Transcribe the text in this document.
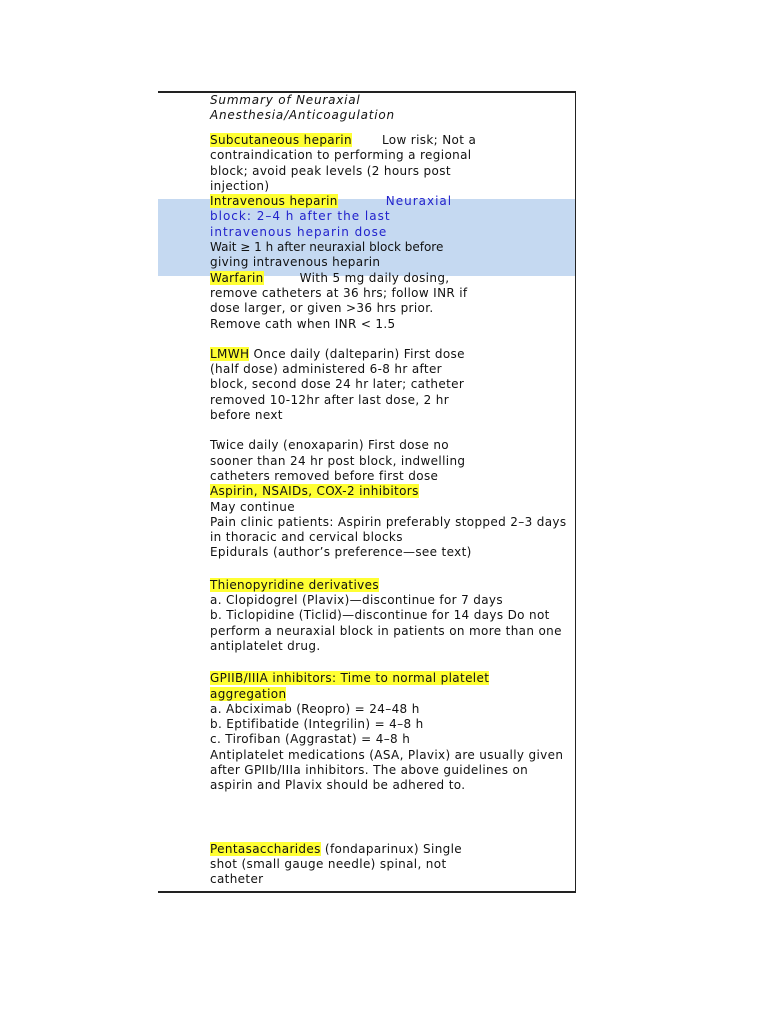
Summary of Neuraxial
Anesthesia/Anticoagulation
Subcutaneous heparin	Low risk; Not a
contraindication to performing a regional
block; avoid peak levels (2 hours post
injection)
Intravenous heparin	Neuraxial
block: 2–4 h after the last
intravenous heparin dose
Wait ≥ 1 h after neuraxial block before
giving intravenous heparin
Warfarin	With 5 mg daily dosing,
remove catheters at 36 hrs; follow INR if
dose larger, or given >36 hrs prior.
Remove cath when INR < 1.5
LMWH Once daily (dalteparin) First dose
(half dose) administered 6-8 hr after
block, second dose 24 hr later; catheter
removed 10-12hr after last dose, 2 hr
before next
Twice daily (enoxaparin) First dose no
sooner than 24 hr post block, indwelling
catheters removed before first dose
Aspirin, NSAIDs, COX-2 inhibitors
May continue
Pain clinic patients: Aspirin preferably stopped 2–3 days
in thoracic and cervical blocks
Epidurals (author’s preference—see text)
Thienopyridine derivatives
a. Clopidogrel (Plavix)—discontinue for 7 days
b. Ticlopidine (Ticlid)—discontinue for 14 days Do not
perform a neuraxial block in patients on more than one
antiplatelet drug.
GPIIB/IIIA inhibitors: Time to normal platelet
aggregation
a. Abciximab (Reopro) = 24–48 h
b. Eptifibatide (Integrilin) = 4–8 h
c. Tirofiban (Aggrastat) = 4–8 h
Antiplatelet medications (ASA, Plavix) are usually given
after GPIIb/IIIa inhibitors. The above guidelines on
aspirin and Plavix should be adhered to.
Pentasaccharides (fondaparinux) Single
shot (small gauge needle) spinal, not
catheter
